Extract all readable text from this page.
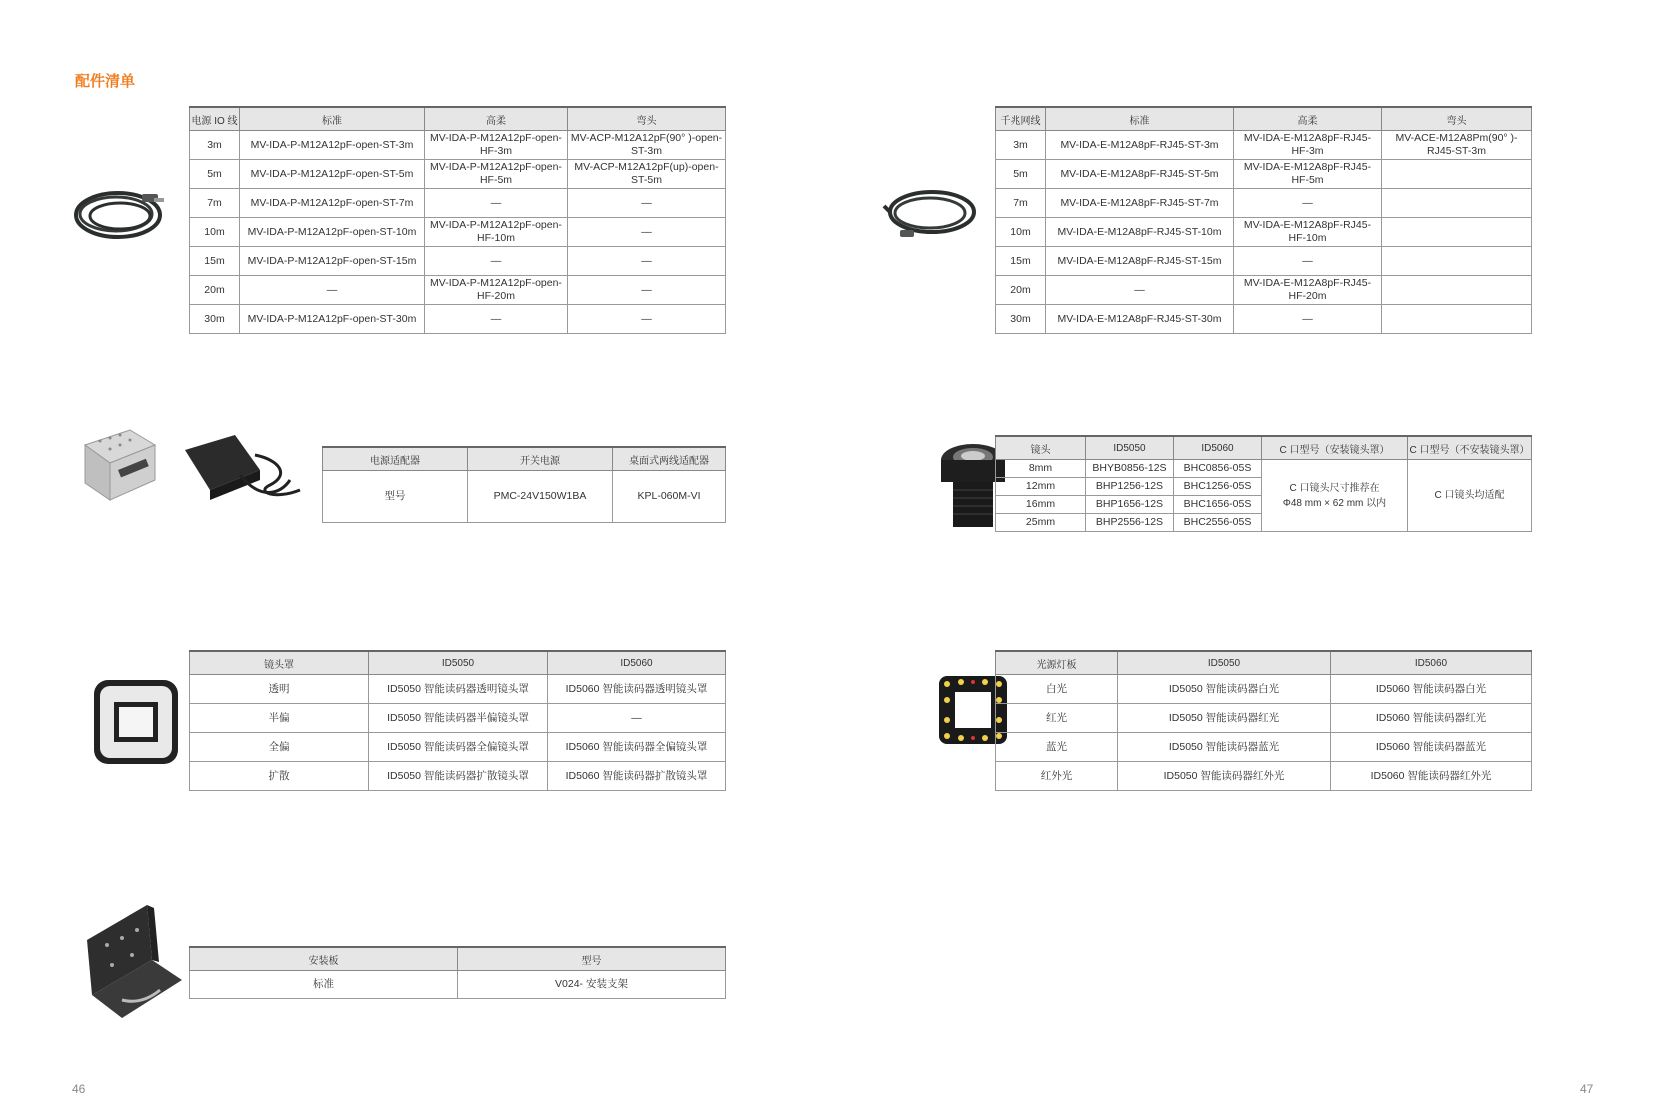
配件清单
电源 IO 线	标准	高柔	弯头
3m	MV-IDA-P-M12A12pF-open-ST-3m	MV-IDA-P-M12A12pF-open-HF-3m	MV-ACP-M12A12pF(90° )-open-ST-3m
5m	MV-IDA-P-M12A12pF-open-ST-5m	MV-IDA-P-M12A12pF-open-HF-5m	MV-ACP-M12A12pF(up)-open-ST-5m
7m	MV-IDA-P-M12A12pF-open-ST-7m	—	—
10m	MV-IDA-P-M12A12pF-open-ST-10m	MV-IDA-P-M12A12pF-open-HF-10m	—
15m	MV-IDA-P-M12A12pF-open-ST-15m	—	—
20m	—	MV-IDA-P-M12A12pF-open-HF-20m	—
30m	MV-IDA-P-M12A12pF-open-ST-30m	—	—
千兆网线	标准	高柔	弯头
3m	MV-IDA-E-M12A8pF-RJ45-ST-3m	MV-IDA-E-M12A8pF-RJ45-HF-3m	MV-ACE-M12A8Pm(90° )-RJ45-ST-3m
5m	MV-IDA-E-M12A8pF-RJ45-ST-5m	MV-IDA-E-M12A8pF-RJ45-HF-5m	
7m	MV-IDA-E-M12A8pF-RJ45-ST-7m	—	
10m	MV-IDA-E-M12A8pF-RJ45-ST-10m	MV-IDA-E-M12A8pF-RJ45-HF-10m	
15m	MV-IDA-E-M12A8pF-RJ45-ST-15m	—	
20m	—	MV-IDA-E-M12A8pF-RJ45-HF-20m	
30m	MV-IDA-E-M12A8pF-RJ45-ST-30m	—	
电源适配器	开关电源	桌面式两线适配器
型号	PMC-24V150W1BA	KPL-060M-VI
镜头	ID5050	ID5060	C 口型号（安装镜头罩）	C 口型号（不安装镜头罩）
8mm	BHYB0856-12S	BHC0856-05S	C 口镜头尺寸推荐在
Φ48 mm × 62 mm 以内	C 口镜头均适配
12mm	BHP1256-12S	BHC1256-05S		
16mm	BHP1656-12S	BHC1656-05S		
25mm	BHP2556-12S	BHC2556-05S		
镜头罩	ID5050	ID5060
透明	ID5050 智能读码器透明镜头罩	ID5060 智能读码器透明镜头罩
半偏	ID5050 智能读码器半偏镜头罩	—
全偏	ID5050 智能读码器全偏镜头罩	ID5060 智能读码器全偏镜头罩
扩散	ID5050 智能读码器扩散镜头罩	ID5060 智能读码器扩散镜头罩
光源灯板	ID5050	ID5060
白光	ID5050 智能读码器白光	ID5060 智能读码器白光
红光	ID5050 智能读码器红光	ID5060 智能读码器红光
蓝光	ID5050 智能读码器蓝光	ID5060 智能读码器蓝光
红外光	ID5050 智能读码器红外光	ID5060 智能读码器红外光
安装板	型号
标准	V024- 安装支架
46	47
